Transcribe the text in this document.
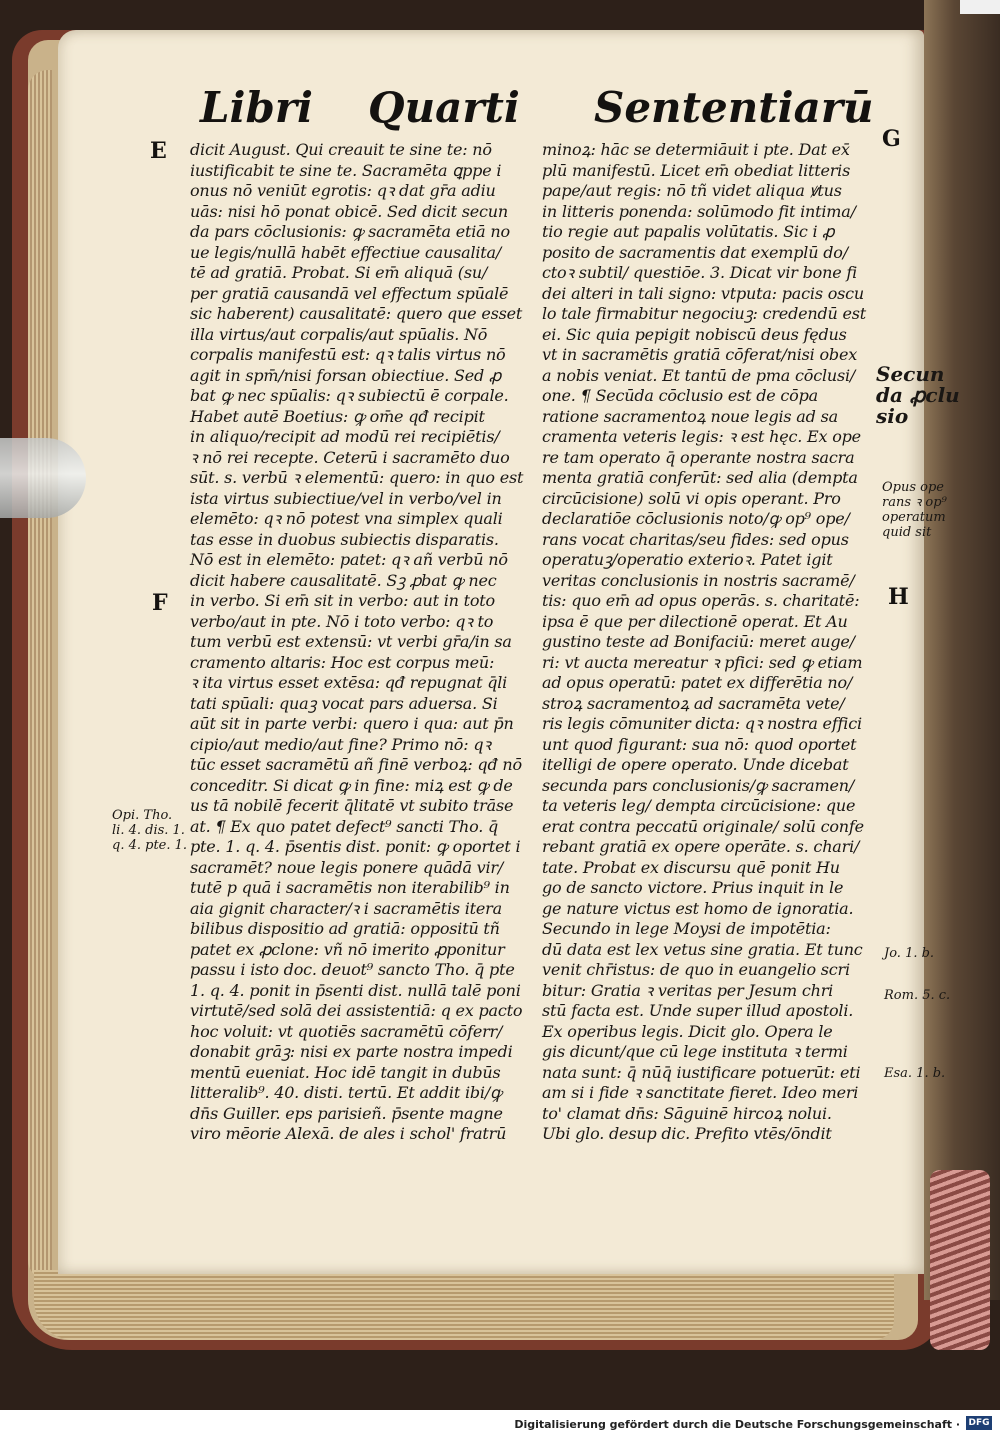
Libri Quarti Sententiarū
dicit August. Qui creauit te sine te: nō
iustificabit te sine te. Sacramēta ꝗppe i
onus nō veniūt egrotis: qꝛ dat gr̄a adiu
uās: nisi hō ponat obicē. Sed dicit secun
da pars cōclusionis: ꝙ sacramēta etiā no
ue legis/nullā habēt effectiue causalita/
tē ad gratiā. Probat. Si em̄ aliquā (su/
per gratiā causandā vel effectum spūalē
sic haberent) causalitatē: quero que esset
illa virtus/aut corpalis/aut spūalis. Nō
corpalis manifestū est: qꝛ talis virtus nō
agit in spm̄/nisi forsan obiectiue. Sed ꝓ
bat ꝙ nec spūalis: qꝛ subiectū ē corpale.
Habet autē Boetius: ꝙ om̄e qđ recipit
in aliquo/recipit ad modū rei recipiētis/
ꝛ nō rei recepte. Ceterū i sacramēto duo
sūt. s. verbū ꝛ elementū: quero: in quo est
ista virtus subiectiue/vel in verbo/vel in
elemēto: qꝛ nō potest vna simplex quali
tas esse in duobus subiectis disparatis.
Nō est in elemēto: patet: qꝛ añ verbū nō
dicit habere causalitatē. Sꝫ ꝓbat ꝙ nec
in verbo. Si em̄ sit in verbo: aut in toto
verbo/aut in pte. Nō i toto verbo: qꝛ to
tum verbū est extensū: vt verbi gr̄a/in sa
cramento altaris: Hoc est corpus meū:
ꝛ ita virtus esset extēsa: qđ repugnat q̄li
tati spūali: quaꝫ vocat pars aduersa. Si
aūt sit in parte verbi: quero i qua: aut p̄n
cipio/aut medio/aut fine? Primo nō: qꝛ
tūc esset sacramētū añ finē verboꝝ: qđ nō
conceditr. Si dicat ꝙ in fine: miꝝ est ꝙ de
us tā nobilē fecerit q̄litatē vt subito trāse
at. ¶ Ex quo patet defect⁹ sancti Tho. q̄
pte. 1. q. 4. p̄sentis dist. ponit: ꝙ oportet i
sacramēt? noue legis ponere quādā vir/
tutē p quā i sacramētis non iterabilib⁹ in
aia gignit character/ꝛ i sacramētis itera
bilibus dispositio ad gratiā: oppositū tñ
patet ex ꝓclone: vñ nō imerito ꝓponitur
passu i isto doc. deuot⁹ sancto Tho. q̄ pte
1. q. 4. ponit in p̄senti dist. nullā talē poni
virtutē/sed solā dei assistentiā: q ex pacto
hoc voluit: vt quotiēs sacramētū cōferr/
donabit grāꝫ: nisi ex parte nostra impedi
mentū eueniat. Hoc idē tangit in dubūs
litteralib⁹. 40. disti. tertū. Et addit ibi/ꝙ
dn̄s Guiller. eps parisieñ. p̄sente magne
viro mēorie Alexā. de ales i schol' fratrū
minoꝝ: hāc se determiāuit i pte. Dat ex̄
plū manifestū. Licet em̄ obediat litteris
pape/aut regis: nō tñ videt aliqua ꝟtus
in litteris ponenda: solūmodo fit intima/
tio regie aut papalis volūtatis. Sic i ꝓ
posito de sacramentis dat exemplū do/
ctoꝛ subtil/ questiōe. 3. Dicat vir bone fi
dei alteri in tali signo: vtputa: pacis oscu
lo tale firmabitur negociuꝫ: credendū est
ei. Sic quia pepigit nobiscū deus fędus
vt in sacramētis gratiā cōferat/nisi obex
a nobis veniat. Et tantū de pma cōclusi/
one. ¶ Secūda cōclusio est de cōpa
ratione sacramentoꝝ noue legis ad sa
cramenta veteris legis: ꝛ est hęc. Ex ope
re tam operato q̄ operante nostra sacra
menta gratiā conferūt: sed alia (dempta
circūcisione) solū vi opis operant. Pro
declaratiōe cōclusionis noto/ꝙ op⁹ ope/
rans vocat charitas/seu fides: sed opus
operatuꝫ/operatio exterioꝛ. Patet igit
veritas conclusionis in nostris sacramē/
tis: quo em̄ ad opus operās. s. charitatē:
ipsa ē que per dilectionē operat. Et Au
gustino teste ad Bonifaciū: meret auge/
ri: vt aucta mereatur ꝛ pfici: sed ꝙ etiam
ad opus operatū: patet ex differētia no/
stroꝝ sacramentoꝝ ad sacramēta vete/
ris legis cōmuniter dicta: qꝛ nostra effici
unt quod figurant: sua nō: quod oportet
itelligi de opere operato. Unde dicebat
secunda pars conclusionis/ꝙ sacramen/
ta veteris leg/ dempta circūcisione: que
erat contra peccatū originale/ solū confe
rebant gratiā ex opere operāte. s. chari/
tate. Probat ex discursu quē ponit Hu
go de sancto victore. Prius inquit in le
ge nature victus est homo de ignoratia.
Secundo in lege Moysi de impotētia:
dū data est lex vetus sine gratia. Et tunc
venit chr̄istus: de quo in euangelio scri
bitur: Gratia ꝛ veritas per Jesum chri
stū facta est. Unde super illud apostoli.
Ex operibus legis. Dicit glo. Opera le
gis dicunt/que cū lege instituta ꝛ termi
nata sunt: q̄ nūq̄ iustificare potuerūt: eti
am si i fide ꝛ sanctitate fieret. Ideo meri
to' clamat dn̄s: Sāguinē hircoꝝ nolui.
Ubi glo. desup dic. Prefito vtēs/ōndit
E
F
G
H
Opi. Tho.
li. 4. dis. 1.
q. 4. pte. 1.
Secun
da ꝓclu
sio
Opus ope
rans ꝛ op⁹
operatum
quid sit
Jo. 1. b.
Rom. 5. c.
Esa. 1. b.
Digitalisierung gefördert durch die Deutsche Forschungsgemeinschaft · DFG
